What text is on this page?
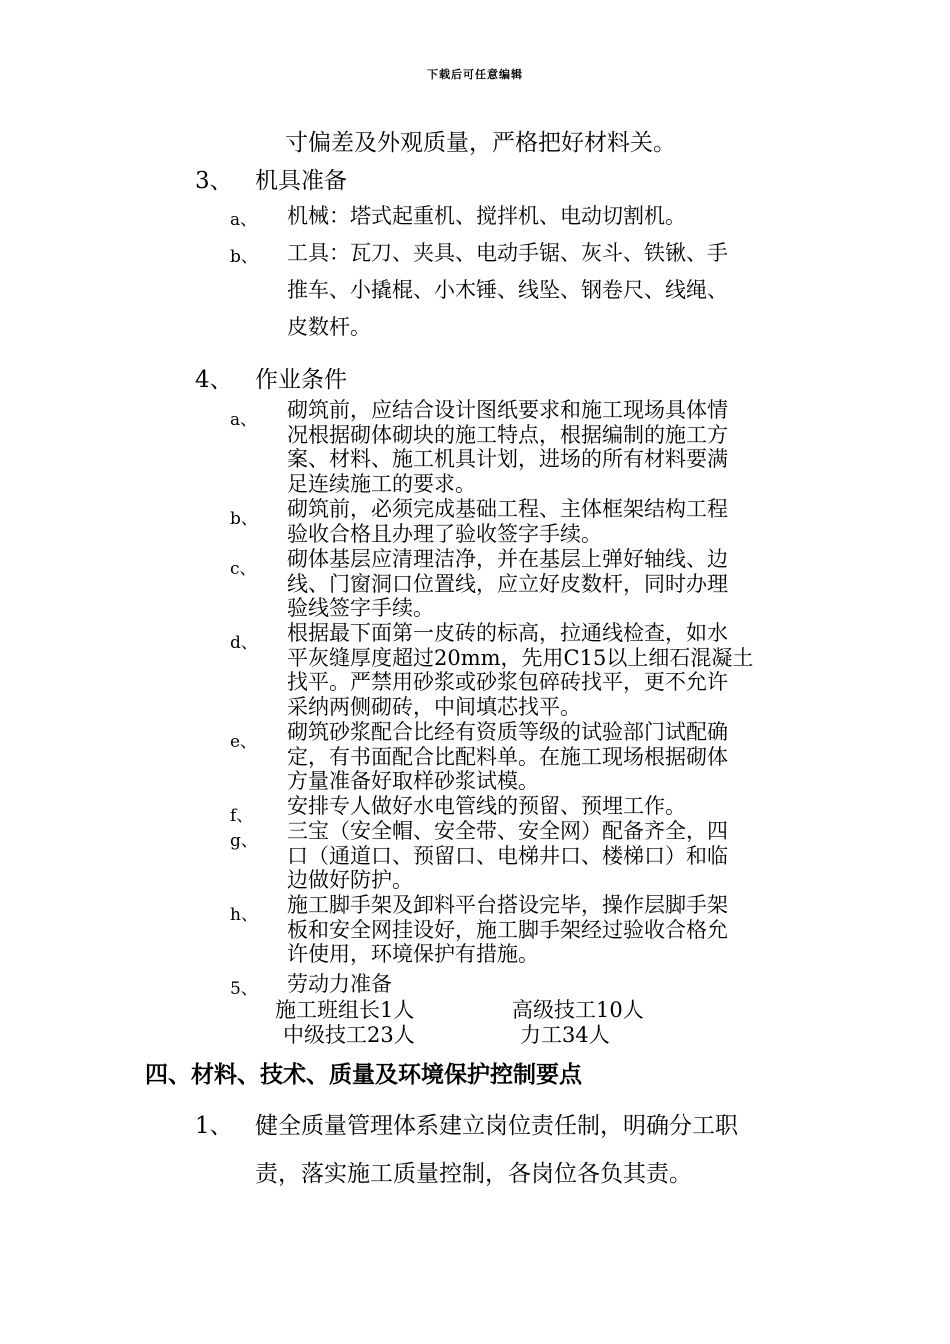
下载后可任意编辑
寸偏差及外观质量，严格把好材料关。
3、 机具准备
a、 机械：塔式起重机、搅拌机、电动切割机。
b、 工具：瓦刀、夹具、电动手锯、灰斗、铁锹、手
推车、小撬棍、小木锤、线坠、钢卷尺、线绳、
皮数杆。
4、 作业条件
a、 砌筑前，应结合设计图纸要求和施工现场具体情
况根据砌体砌块的施工特点，根据编制的施工方
案、材料、施工机具计划，进场的所有材料要满
足连续施工的要求。
b、 砌筑前，必须完成基础工程、主体框架结构工程
验收合格且办理了验收签字手续。
c、 砌体基层应清理洁净，并在基层上弹好轴线、边
线、门窗洞口位置线，应立好皮数杆，同时办理
验线签字手续。
d、 根据最下面第一皮砖的标高，拉通线检查，如水
平灰缝厚度超过20mm，先用C15以上细石混凝土
找平。严禁用砂浆或砂浆包碎砖找平，更不允许
采纳两侧砌砖，中间填芯找平。
e、 砌筑砂浆配合比经有资质等级的试验部门试配确
定，有书面配合比配料单。在施工现场根据砌体
方量准备好取样砂浆试模。
f、 安排专人做好水电管线的预留、预埋工作。
g、 三宝（安全帽、安全带、安全网）配备齐全，四
口（通道口、预留口、电梯井口、楼梯口）和临
边做好防护。
h、 施工脚手架及卸料平台搭设完毕，操作层脚手架
板和安全网挂设好，施工脚手架经过验收合格允
许使用，环境保护有措施。
5、 劳动力准备
施工班组长1人	高级技工10人
中级技工23人	力工34人
四、材料、技术、质量及环境保护控制要点
1、 健全质量管理体系建立岗位责任制，明确分工职
责，落实施工质量控制，各岗位各负其责。
